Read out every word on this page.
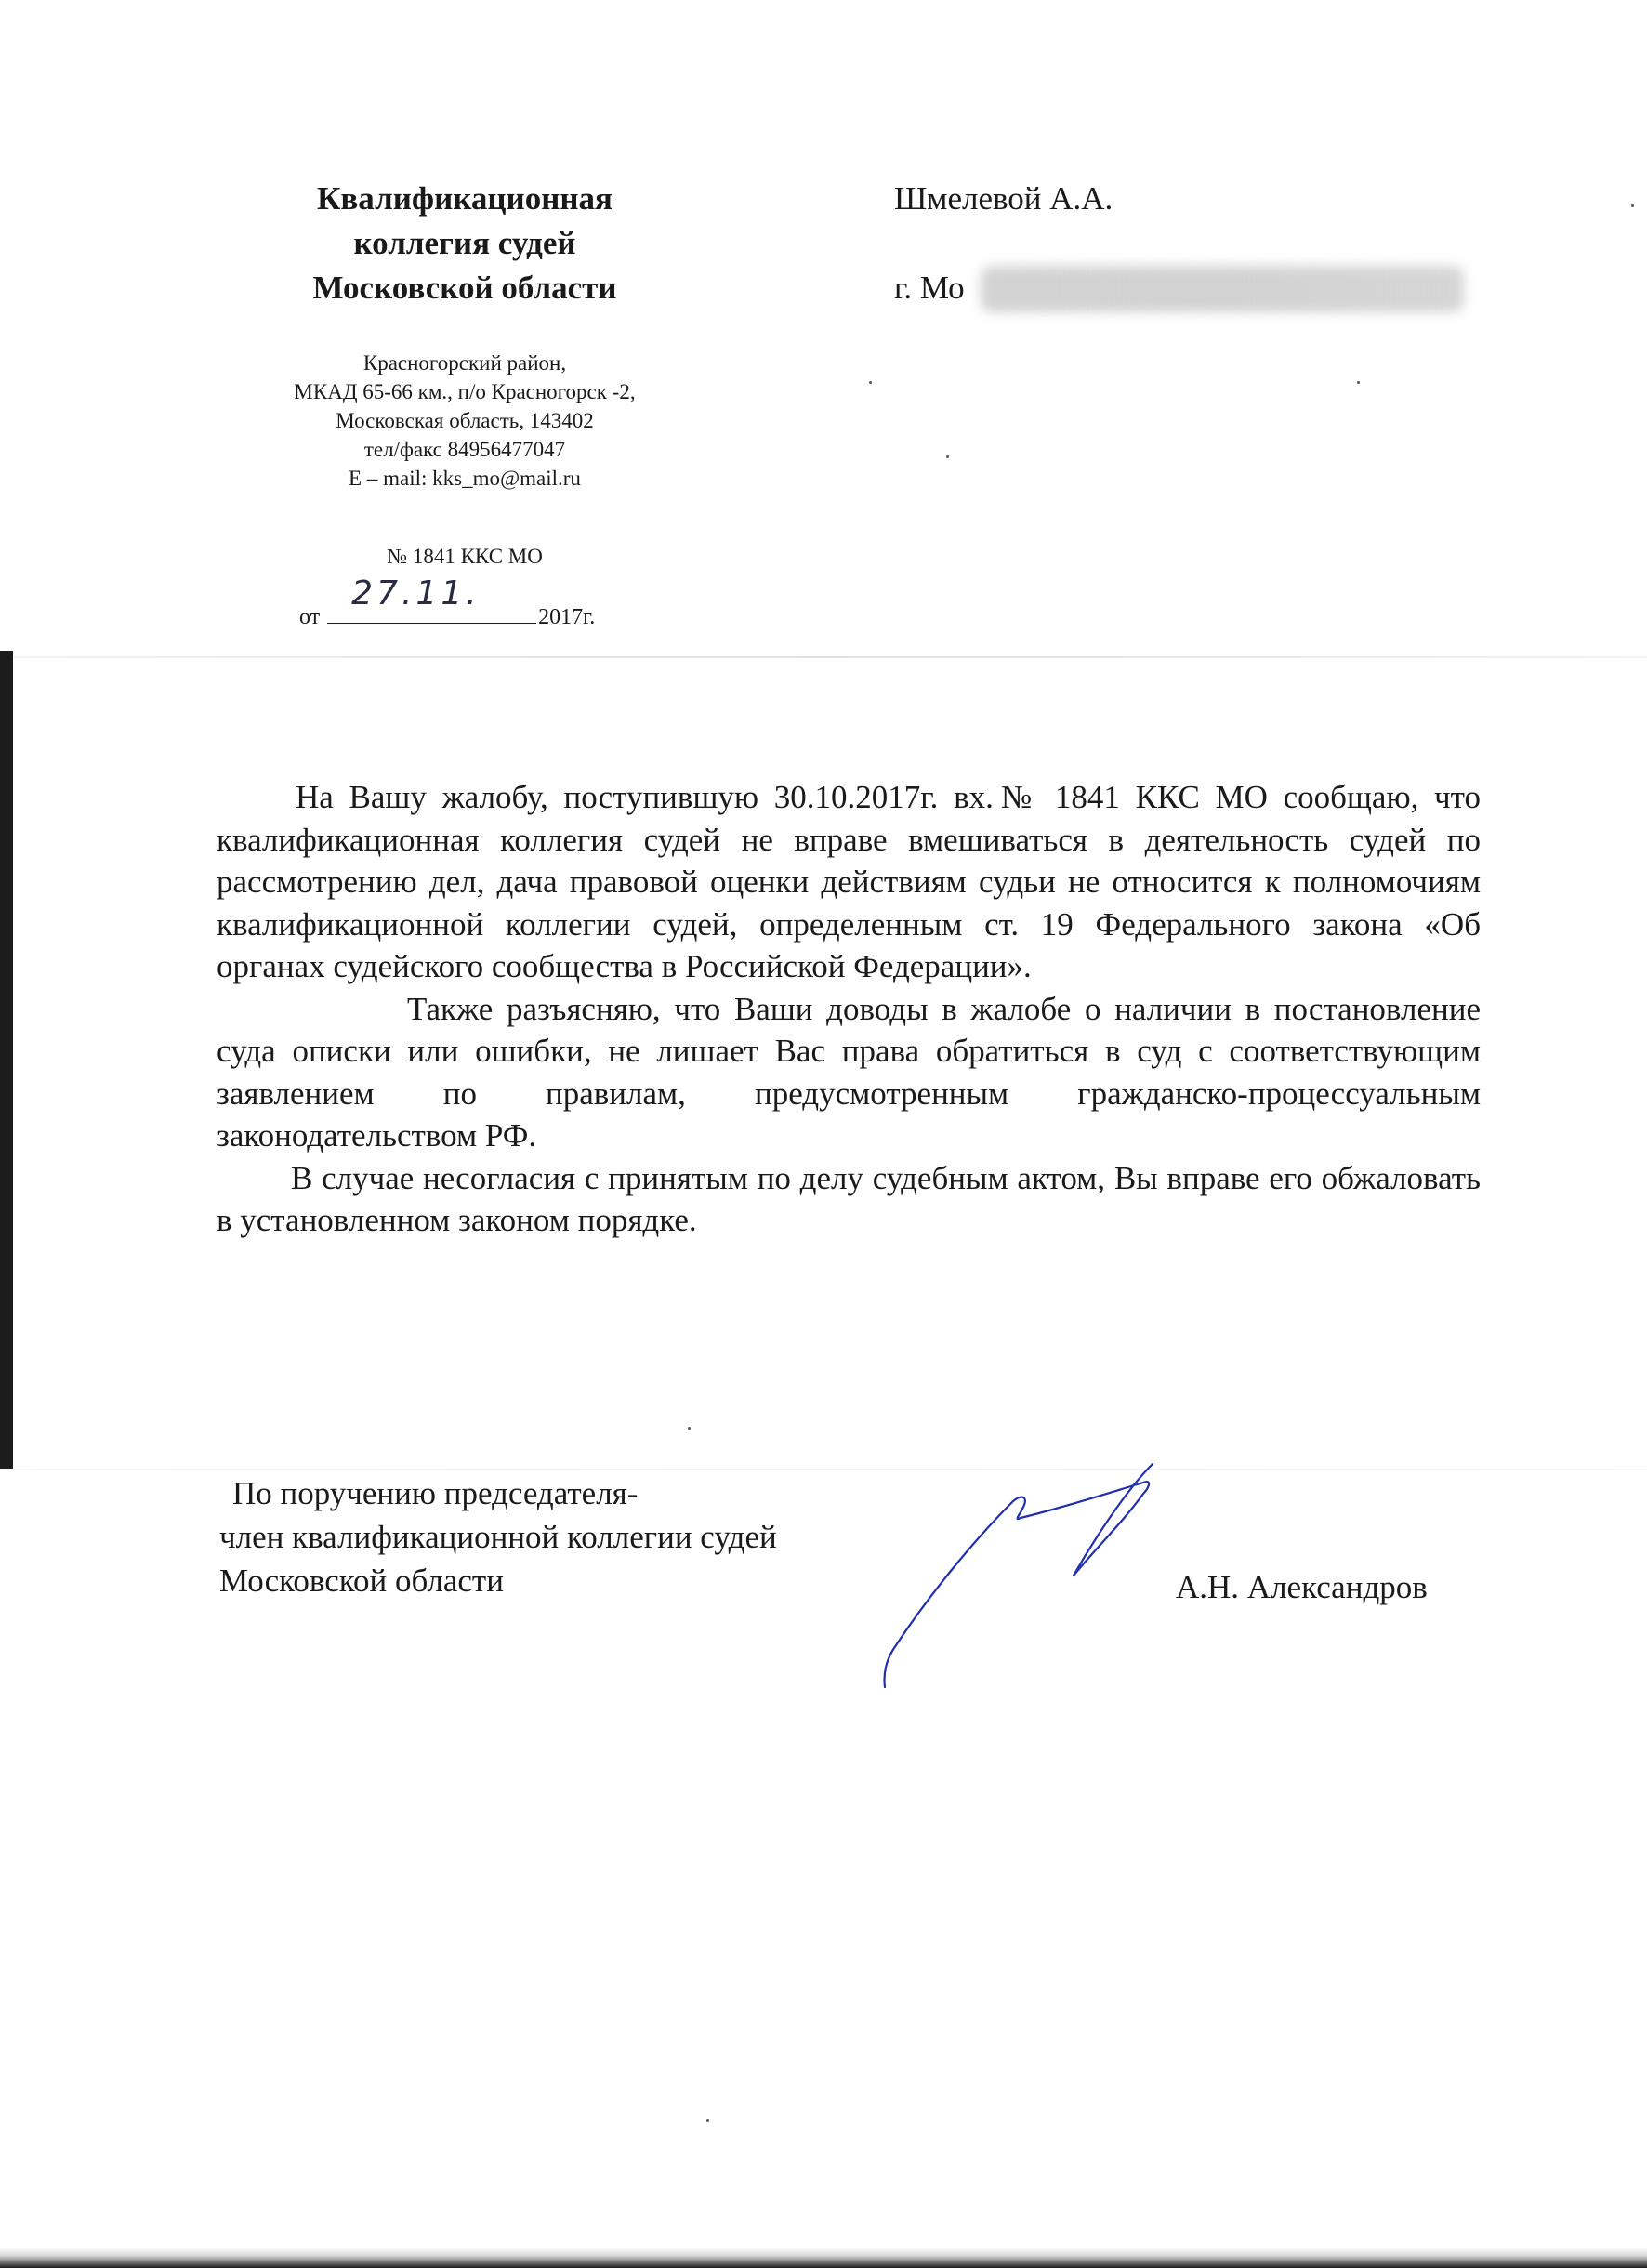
Квалификационная
коллегия судей
Московской области
Красногорский район,
МКАД 65-66 км., п/о Красногорск -2,
Московская область, 143402
тел/факс 84956477047
E – mail: kks_mo@mail.ru
№ 1841 ККС МО
от
27.11.
2017г.
Шмелевой А.А.
г. Мо

На Вашу жалобу, поступившую 30.10.2017г. вх.№ 1841 ККС МО сообщаю, что квалификационная коллегия судей не вправе вмешиваться в деятельность судей по рассмотрению дел, дача правовой оценки действиям судьи не относится к полномочиям квалификационной коллегии судей, определенным ст. 19 Федерального закона «Об органах судейского сообщества в Российской Федерации».

Также разъясняю, что Ваши доводы в жалобе о наличии в постановление суда описки или ошибки, не лишает Вас права обратиться в суд с соответствующим заявлением по правилам, предусмотренным гражданско-процессуальным законодательством РФ.

В случае несогласия с принятым по делу судебным актом, Вы вправе его обжаловать в установленном законом порядке.

По поручению председателя-
член квалификационной коллегии судей
Московской области	А.Н. Александров
